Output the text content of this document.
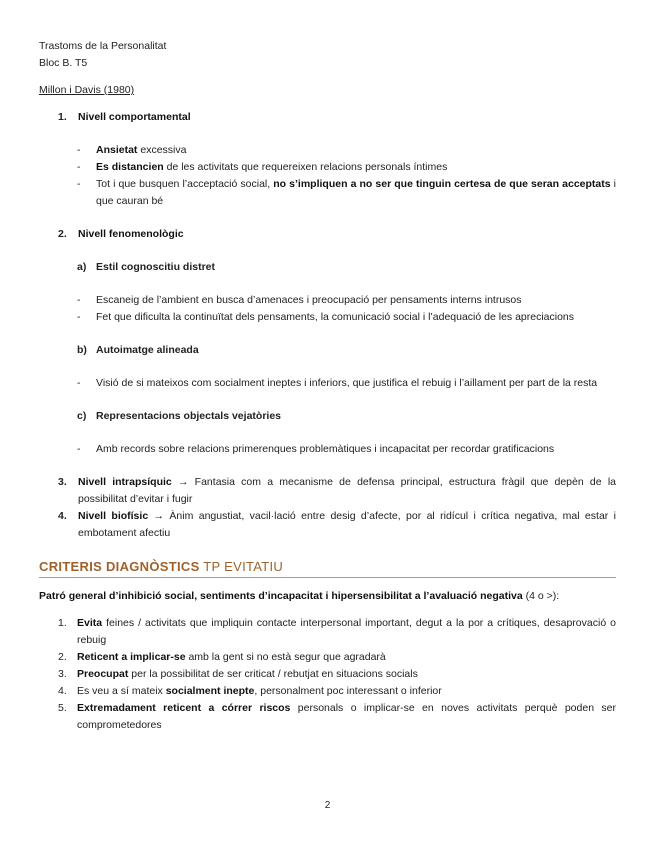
Trastoms de la Personalitat

Bloc B. T5

Millon i Davis (1980)

1. Nivell comportamental
- Ansietat excessiva
- Es distancien de les activitats que requereixen relacions personals íntimes
- Tot i que busquen l’acceptació social, no s’impliquen a no ser que tinguin certesa de que seran acceptats i que cauran bé
2. Nivell fenomenològic
a) Estil cognoscitiu distret
- Escaneig de l’ambient en busca d’amenaces i preocupació per pensaments interns intrusos
- Fet que dificulta la continuïtat dels pensaments, la comunicació social i l’adequació de les apreciacions
b) Autoimatge alineada
- Visió de si mateixos com socialment ineptes i inferiors, que justifica el rebuig i l’aillament per part de la resta
c) Representacions objectals vejatòries
- Amb records sobre relacions primerenques problemàtiques i incapacitat per recordar gratificacions
3. Nivell intrapsíquic → Fantasia com a mecanisme de defensa principal, estructura fràgil que depèn de la possibilitat d’evitar i fugir
4. Nivell biofísic → Ànim angustiat, vacil·lació entre desig d’afecte, por al ridícul i crítica negativa, mal estar i embotament afectiu
CRITERIS DIAGNÒSTICS TP EVITATIU

Patró general d’inhibició social, sentiments d’incapacitat i hipersensibilitat a l’avaluació negativa (4 o >):

1. Evita feines / activitats que impliquin contacte interpersonal important, degut a la por a crítiques, desaprovació o rebuig
2. Reticent a implicar-se amb la gent si no està segur que agradarà
3. Preocupat per la possibilitat de ser criticat / rebutjat en situacions socials
4. Es veu a sí mateix socialment inepte, personalment poc interessant o inferior
5. Extremadament reticent a córrer riscos personals o implicar-se en noves activitats perquè poden ser comprometedores
2
